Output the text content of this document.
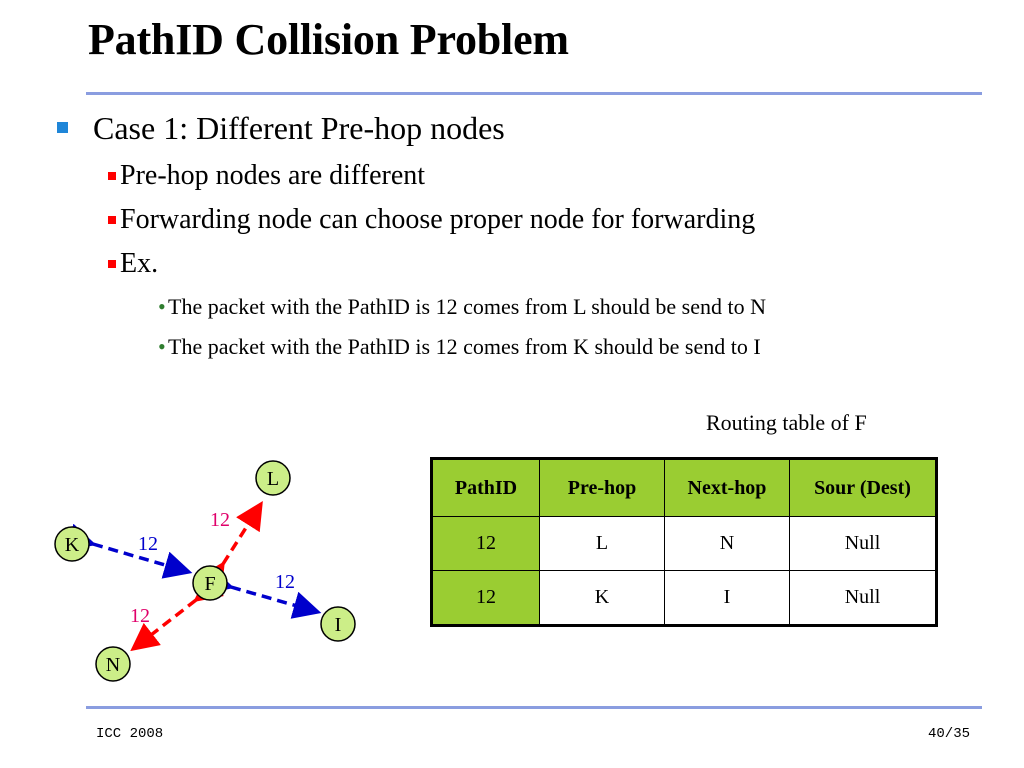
PathID Collision Problem
Case 1: Different Pre-hop nodes
Pre-hop nodes are different
Forwarding node can choose proper node for forwarding
Ex.
• The packet with the PathID is 12 comes from L should be send to N
• The packet with the PathID is 12 comes from K should be send to I
Routing table of F
PathID	Pre-hop	Next-hop	Sour (Dest)
12	L	N	Null
12	K	I	Null
12
12
12
12
L
K
F
I
N
ICC 2008	40/35
